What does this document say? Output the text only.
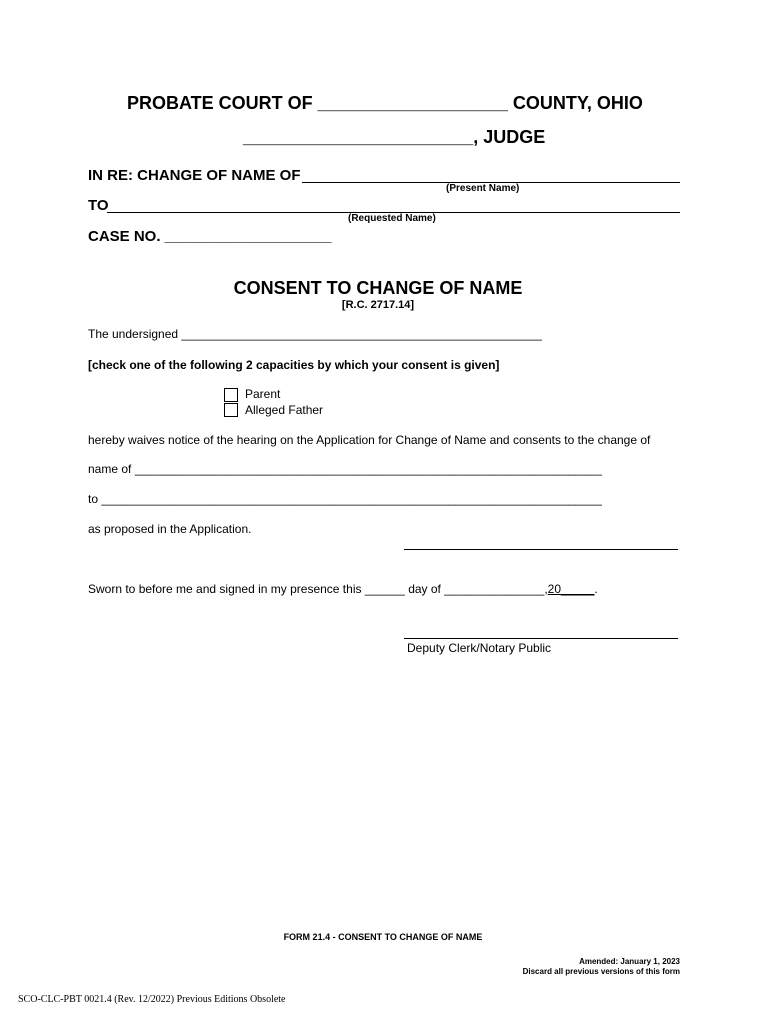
PROBATE COURT OF ___________________ COUNTY, OHIO
_______________________, JUDGE
IN RE: CHANGE OF NAME OF
(Present Name)
TO
(Requested Name)
CASE NO. ____________________
CONSENT TO CHANGE OF NAME
[R.C. 2717.14]
The undersigned ______________________________________________________
[check one of the following 2 capacities by which your consent is given]
Parent
Alleged Father
hereby waives notice of the hearing on the Application for Change of Name and consents to the change of
name of ______________________________________________________________________
to ___________________________________________________________________________
as proposed in the Application.
Sworn to before me and signed in my presence this ______ day of _______________,20_____.
Deputy Clerk/Notary Public
FORM 21.4 - CONSENT TO CHANGE OF NAME
Amended: January 1, 2023
Discard all previous versions of this form
SCO-CLC-PBT 0021.4 (Rev. 12/2022) Previous Editions Obsolete
